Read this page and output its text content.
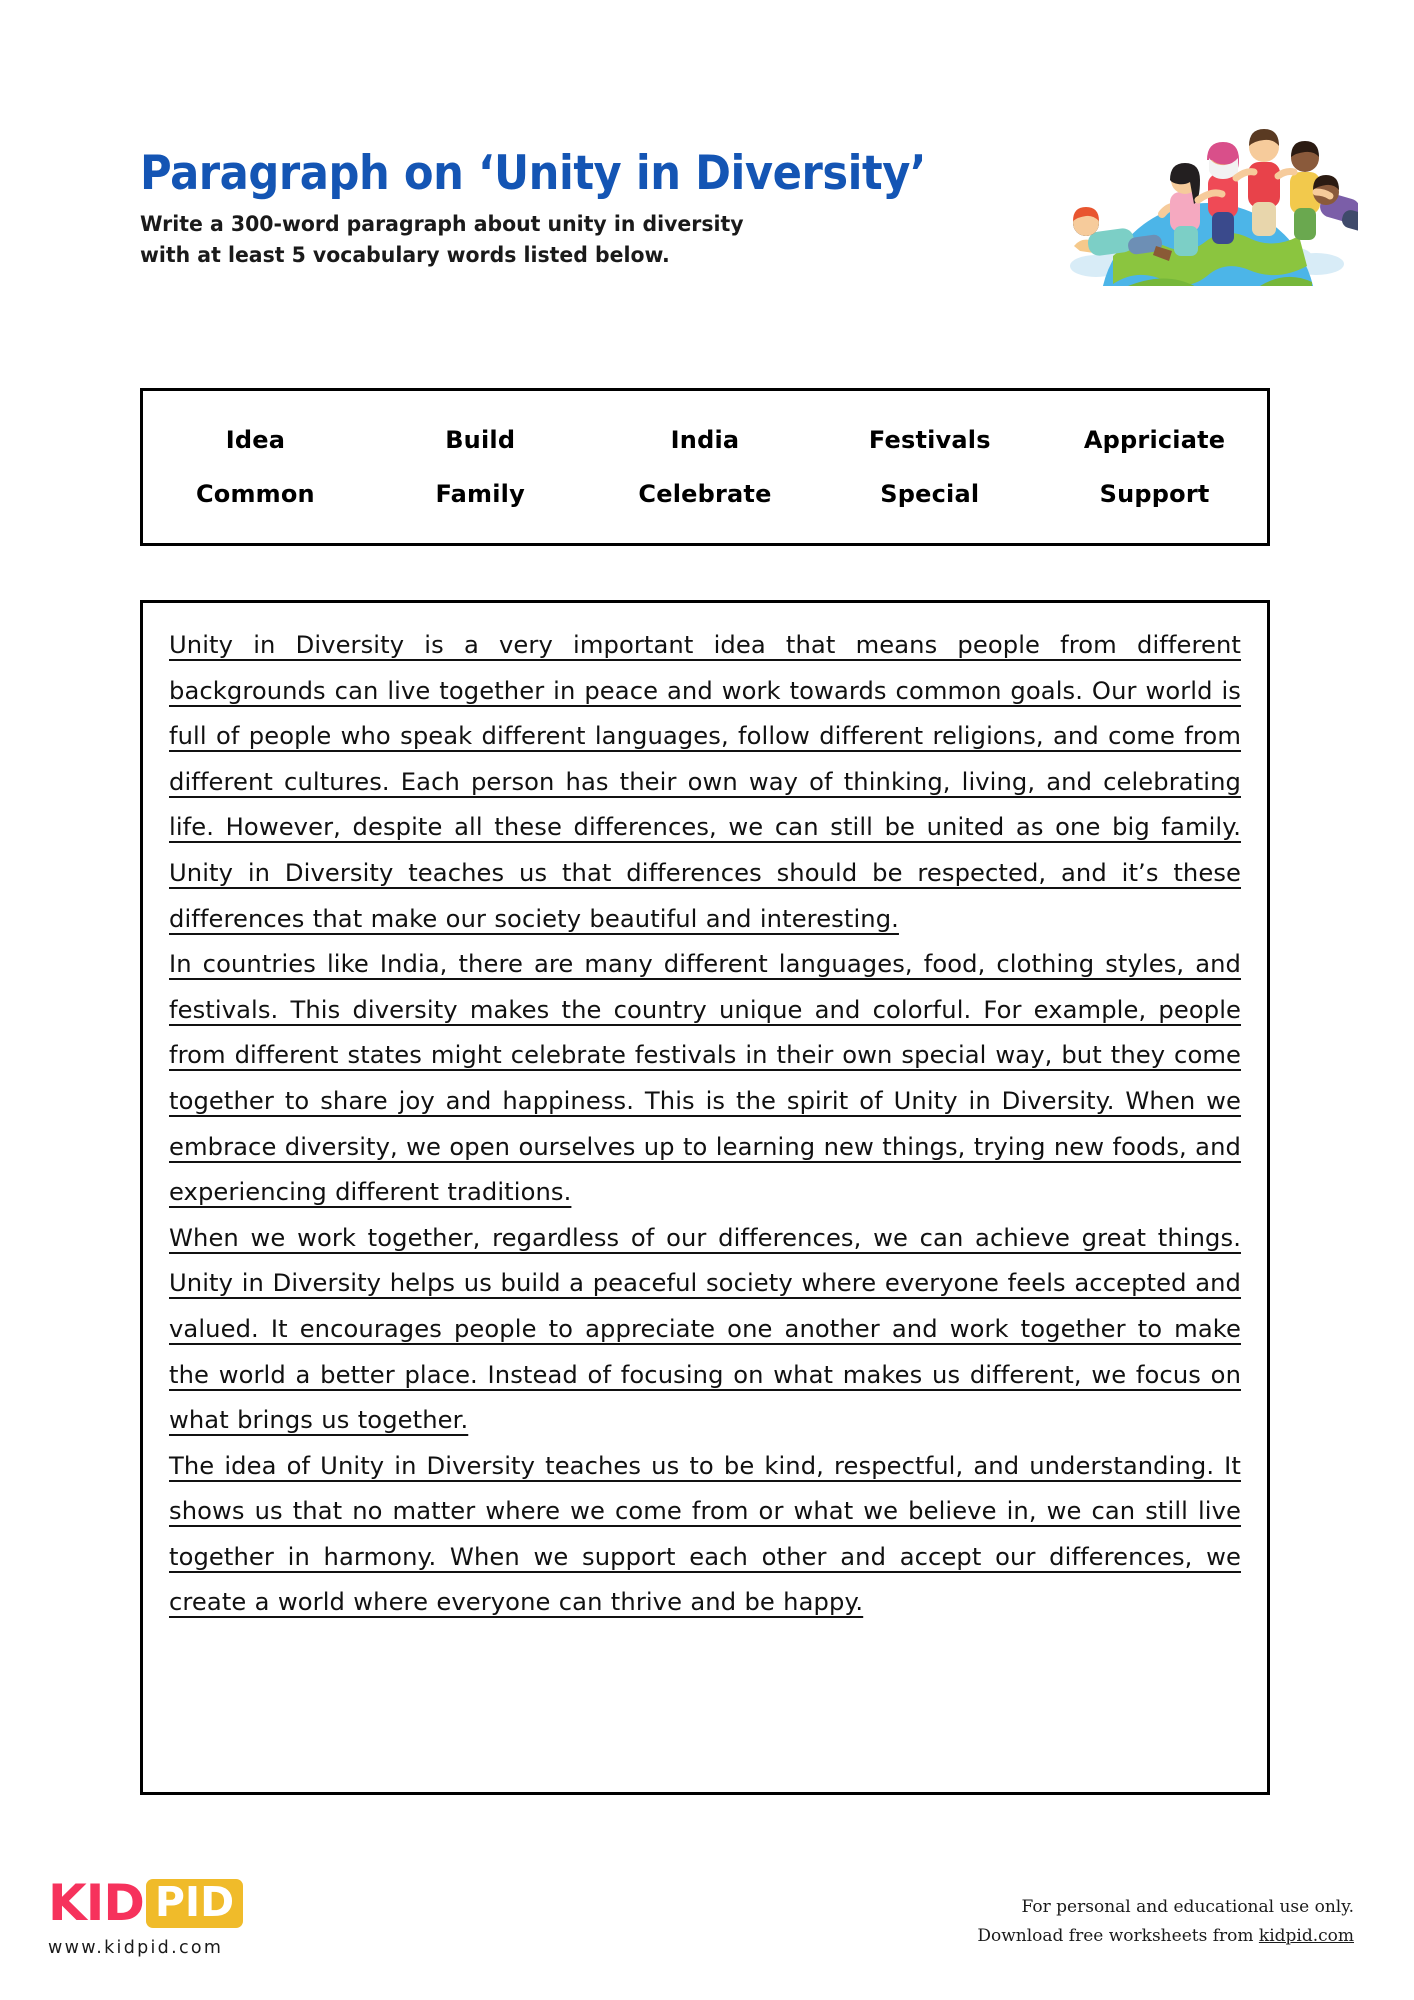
Paragraph on ‘Unity in Diversity’

Write a 300-word paragraph about unity in diversity with at least 5 vocabulary words listed below.

Idea	Build	India	Festivals	Appriciate
Common	Family	Celebrate	Special	Support

Unity in Diversity is a very important idea that means people from different backgrounds can live together in peace and work towards common goals. Our world is full of people who speak different languages, follow different religions, and come from different cultures. Each person has their own way of thinking, living, and celebrating life. However, despite all these differences, we can still be united as one big family. Unity in Diversity teaches us that differences should be respected, and it’s these differences that make our society beautiful and interesting.

In countries like India, there are many different languages, food, clothing styles, and festivals. This diversity makes the country unique and colorful. For example, people from different states might celebrate festivals in their own special way, but they come together to share joy and happiness. This is the spirit of Unity in Diversity. When we embrace diversity, we open ourselves up to learning new things, trying new foods, and experiencing different traditions.

When we work together, regardless of our differences, we can achieve great things. Unity in Diversity helps us build a peaceful society where everyone feels accepted and valued. It encourages people to appreciate one another and work together to make the world a better place. Instead of focusing on what makes us different, we focus on what brings us together.

The idea of Unity in Diversity teaches us to be kind, respectful, and understanding. It shows us that no matter where we come from or what we believe in, we can still live together in harmony. When we support each other and accept our differences, we create a world where everyone can thrive and be happy.

KID PID
www.kidpid.com
For personal and educational use only.
Download free worksheets from kidpid.com
